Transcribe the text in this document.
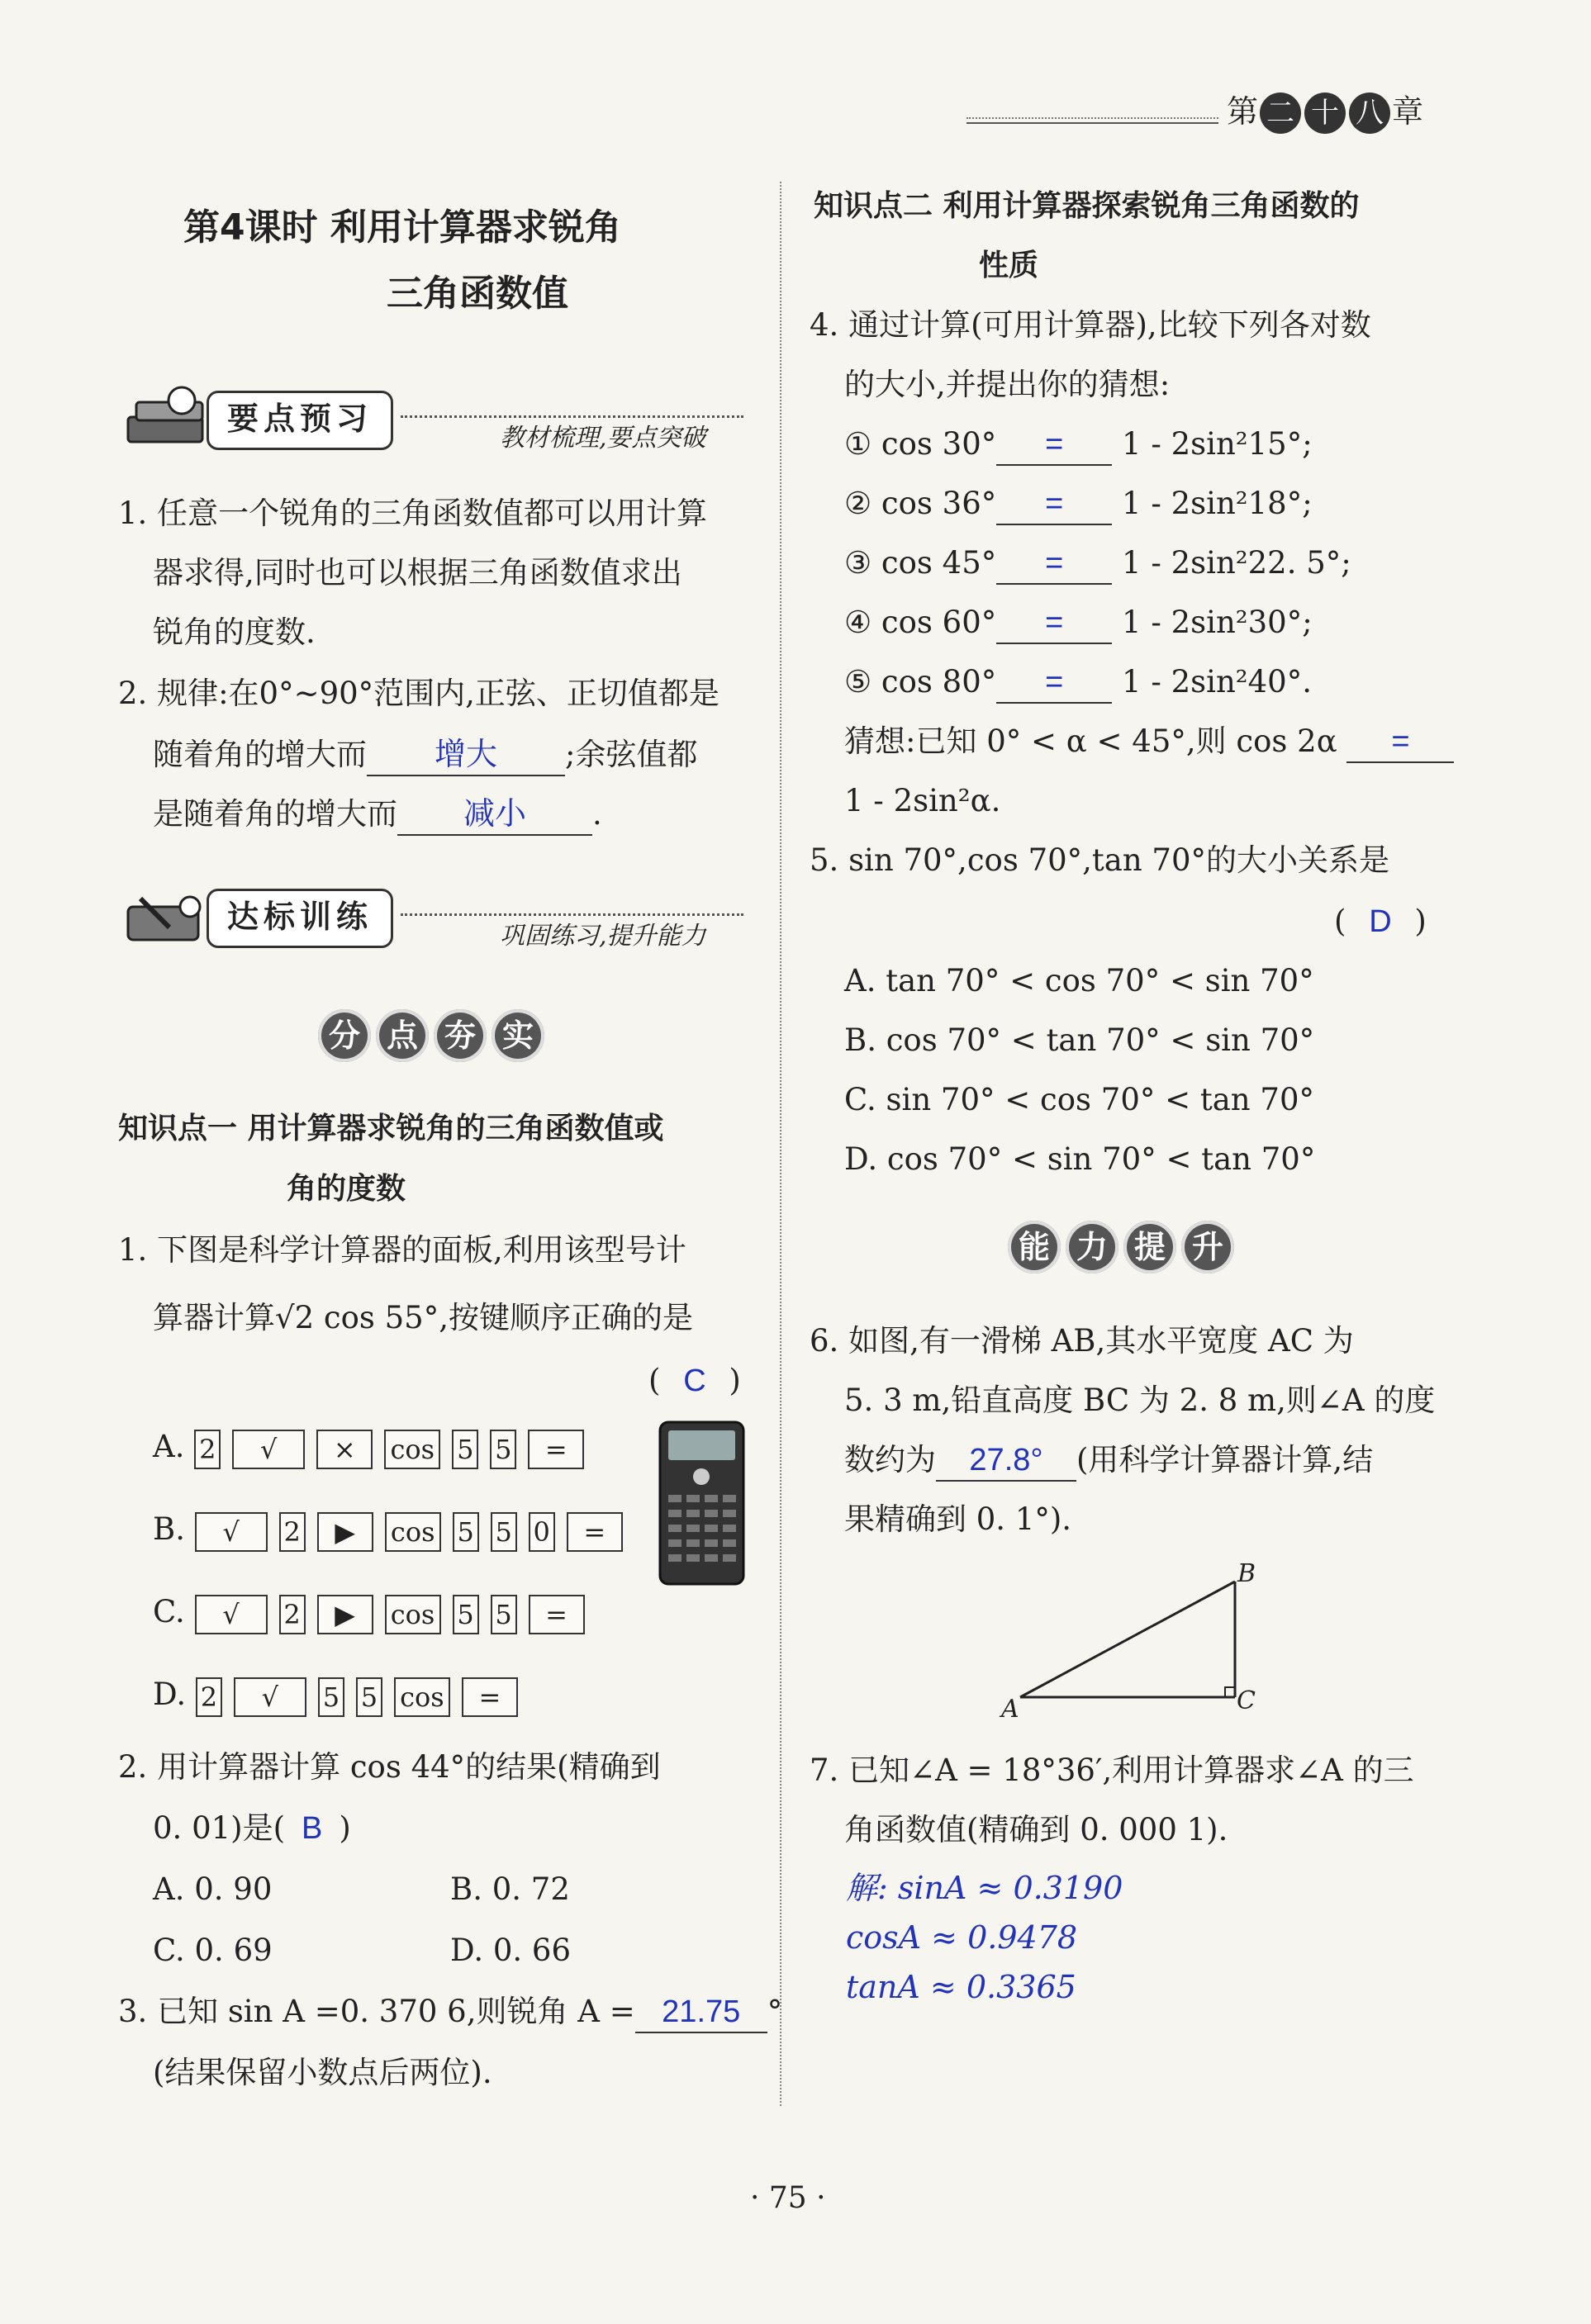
第 二 十 八 章
第4课时 利用计算器求锐角
三角函数值
要点预习
教材梳理,要点突破
1. 任意一个锐角的三角函数值都可以用计算
器求得,同时也可以根据三角函数值求出
锐角的度数.
2. 规律:在0°~90°范围内,正弦、正切值都是
随着角的增大而 增大 ;余弦值都
是随着角的增大而 减小 .
达标训练
巩固练习,提升能力
分 点 夯 实
知识点一 用计算器求锐角的三角函数值或
角的度数
1. 下图是科学计算器的面板,利用该型号计
算器计算√2 cos 55°,按键顺序正确的是
( C )
A. 2 √ × cos 5 5 =
B. √ 2 ▶ cos 5 5 0 =
C. √ 2 ▶ cos 5 5 =
D. 2 √ 5 5 cos =
2. 用计算器计算 cos 44°的结果(精确到
0. 01)是( B )
A. 0. 90	B. 0. 72
C. 0. 69	D. 0. 66
3. 已知 sin A =0. 370 6,则锐角 A = 21.75 °
(结果保留小数点后两位).
知识点二 利用计算器探索锐角三角函数的
性质
4. 通过计算(可用计算器),比较下列各对数
的大小,并提出你的猜想:
① cos 30° = 1 - 2sin²15°;
② cos 36° = 1 - 2sin²18°;
③ cos 45° = 1 - 2sin²22. 5°;
④ cos 60° = 1 - 2sin²30°;
⑤ cos 80° = 1 - 2sin²40°.
猜想:已知 0° < α < 45°,则 cos 2α =
1 - 2sin²α.
5. sin 70°,cos 70°,tan 70°的大小关系是
( D )
A. tan 70° < cos 70° < sin 70°
B. cos 70° < tan 70° < sin 70°
C. sin 70° < cos 70° < tan 70°
D. cos 70° < sin 70° < tan 70°
能 力 提 升
6. 如图,有一滑梯 AB,其水平宽度 AC 为
5. 3 m,铅直高度 BC 为 2. 8 m,则∠A 的度
数约为 27.8° (用科学计算器计算,结
果精确到 0. 1°).
A
B
C
7. 已知∠A = 18°36′,利用计算器求∠A 的三
角函数值(精确到 0. 000 1).
解: sinA ≈ 0.3190
cosA ≈ 0.9478
tanA ≈ 0.3365
· 75 ·
